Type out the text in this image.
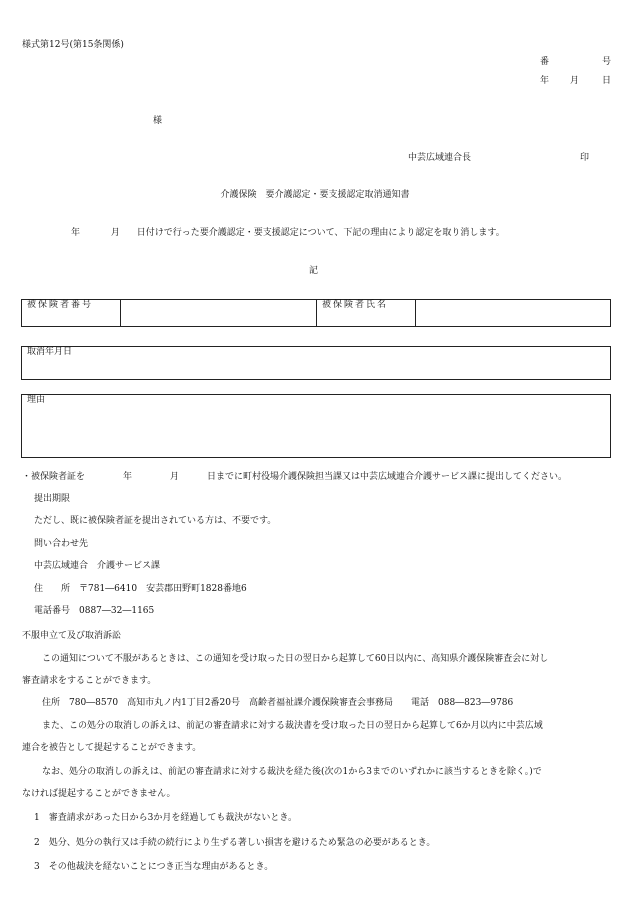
様式第12号(第15条関係)
番	号
年 月	日
様
中芸広域連合長	印
介護保険　要介護認定・要支援認定取消通知書
年	月 日付けで行った要介護認定・要支援認定について、下記の理由により認定を取り消します。
記
被保険者番号		被保険者氏名	
取消年月日
理由
・被保険者証を	年	月	日までに町村役場介護保険担当課又は中芸広域連合介護サービス課に提出してください。
提出期限
ただし、既に被保険者証を提出されている方は、不要です。
問い合わせ先
中芸広域連合　介護サービス課
住　　所　〒781―6410　安芸郡田野町1828番地6
電話番号　0887―32―1165
不服申立て及び取消訴訟
この通知について不服があるときは、この通知を受け取った日の翌日から起算して60日以内に、高知県介護保険審査会に対し
審査請求をすることができます。
住所　780―8570　高知市丸ノ内1丁目2番20号　高齢者福祉課介護保険審査会事務局　　電話　088―823―9786
また、この処分の取消しの訴えは、前記の審査請求に対する裁決書を受け取った日の翌日から起算して6か月以内に中芸広域
連合を被告として提起することができます。
なお、処分の取消しの訴えは、前記の審査請求に対する裁決を経た後(次の1から3までのいずれかに該当するときを除く。)で
なければ提起することができません。
1　審査請求があった日から3か月を経過しても裁決がないとき。
2　処分、処分の執行又は手続の続行により生ずる著しい損害を避けるため緊急の必要があるとき。
3　その他裁決を経ないことにつき正当な理由があるとき。
